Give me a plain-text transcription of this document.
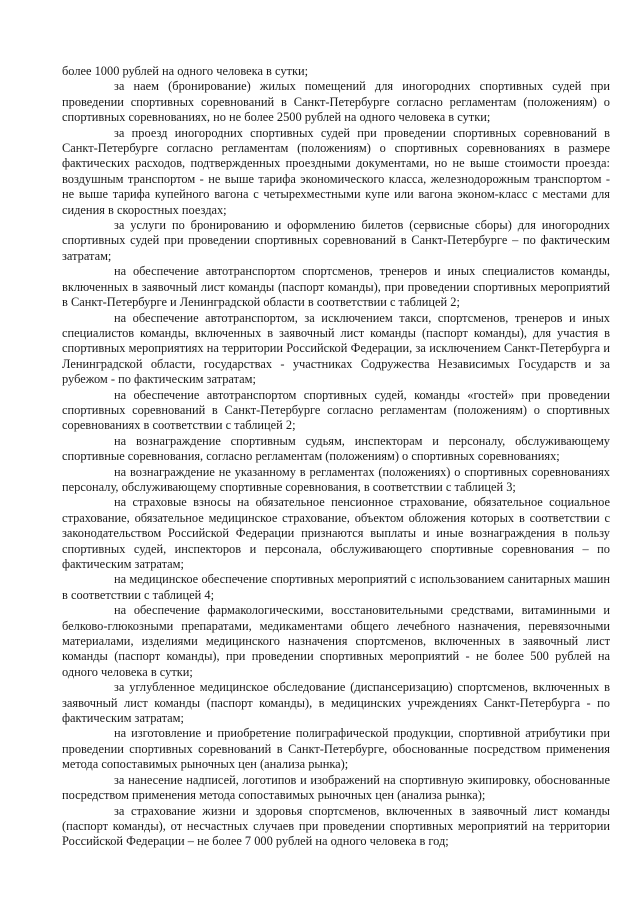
более 1000 рублей на одного человека в сутки;

за наем (бронирование) жилых помещений для иногородних спортивных судей при проведении спортивных соревнований в Санкт-Петербурге согласно регламентам (положениям) о спортивных соревнованиях, но не более 2500 рублей на одного человека в сутки;

за проезд иногородних спортивных судей при проведении спортивных соревнований в Санкт-Петербурге согласно регламентам (положениям) о спортивных соревнованиях в размере фактических расходов, подтвержденных проездными документами, но не выше стоимости проезда: воздушным транспортом - не выше тарифа экономического класса, железнодорожным транспортом - не выше тарифа купейного вагона с четырехместными купе или вагона эконом-класс с местами для сидения в скоростных поездах;

за услуги по бронированию и оформлению билетов (сервисные сборы) для иногородних спортивных судей при проведении спортивных соревнований в Санкт-Петербурге – по фактическим затратам;

на обеспечение автотранспортом спортсменов, тренеров и иных специалистов команды, включенных в заявочный лист команды (паспорт команды), при проведении спортивных мероприятий в Санкт-Петербурге и Ленинградской области в соответствии с таблицей 2;

на обеспечение автотранспортом, за исключением такси, спортсменов, тренеров и иных специалистов команды, включенных в заявочный лист команды (паспорт команды), для участия в спортивных мероприятиях на территории Российской Федерации, за исключением Санкт-Петербурга и Ленинградской области, государствах - участниках Содружества Независимых Государств и за рубежом - по фактическим затратам;

на обеспечение автотранспортом спортивных судей, команды «гостей» при проведении спортивных соревнований в Санкт-Петербурге согласно регламентам (положениям) о спортивных соревнованиях в соответствии с таблицей 2;

на вознаграждение спортивным судьям, инспекторам и персоналу, обслуживающему спортивные соревнования, согласно регламентам (положениям) о спортивных соревнованиях;

на вознаграждение не указанному в регламентах (положениях) о спортивных соревнованиях персоналу, обслуживающему спортивные соревнования, в соответствии с таблицей 3;

на страховые взносы на обязательное пенсионное страхование, обязательное социальное страхование, обязательное медицинское страхование, объектом обложения которых в соответствии с законодательством Российской Федерации признаются выплаты и иные вознаграждения в пользу спортивных судей, инспекторов и персонала, обслуживающего спортивные соревнования – по фактическим затратам;

на медицинское обеспечение спортивных мероприятий с использованием санитарных машин в соответствии с таблицей 4;

на обеспечение фармакологическими, восстановительными средствами, витаминными и белково-глюкозными препаратами, медикаментами общего лечебного назначения, перевязочными материалами, изделиями медицинского назначения спортсменов, включенных в заявочный лист команды (паспорт команды), при проведении спортивных мероприятий - не более 500 рублей на одного человека в сутки;

за углубленное медицинское обследование (диспансеризацию) спортсменов, включенных в заявочный лист команды (паспорт команды), в медицинских учреждениях Санкт-Петербурга - по фактическим затратам;

на изготовление и приобретение полиграфической продукции, спортивной атрибутики при проведении спортивных соревнований в Санкт-Петербурге, обоснованные посредством применения метода сопоставимых рыночных цен (анализа рынка);

за нанесение надписей, логотипов и изображений на спортивную экипировку, обоснованные посредством применения метода сопоставимых рыночных цен (анализа рынка);

за страхование жизни и здоровья спортсменов, включенных в заявочный лист команды (паспорт команды), от несчастных случаев при проведении спортивных мероприятий на территории Российской Федерации – не более 7 000 рублей на одного человека в год;
